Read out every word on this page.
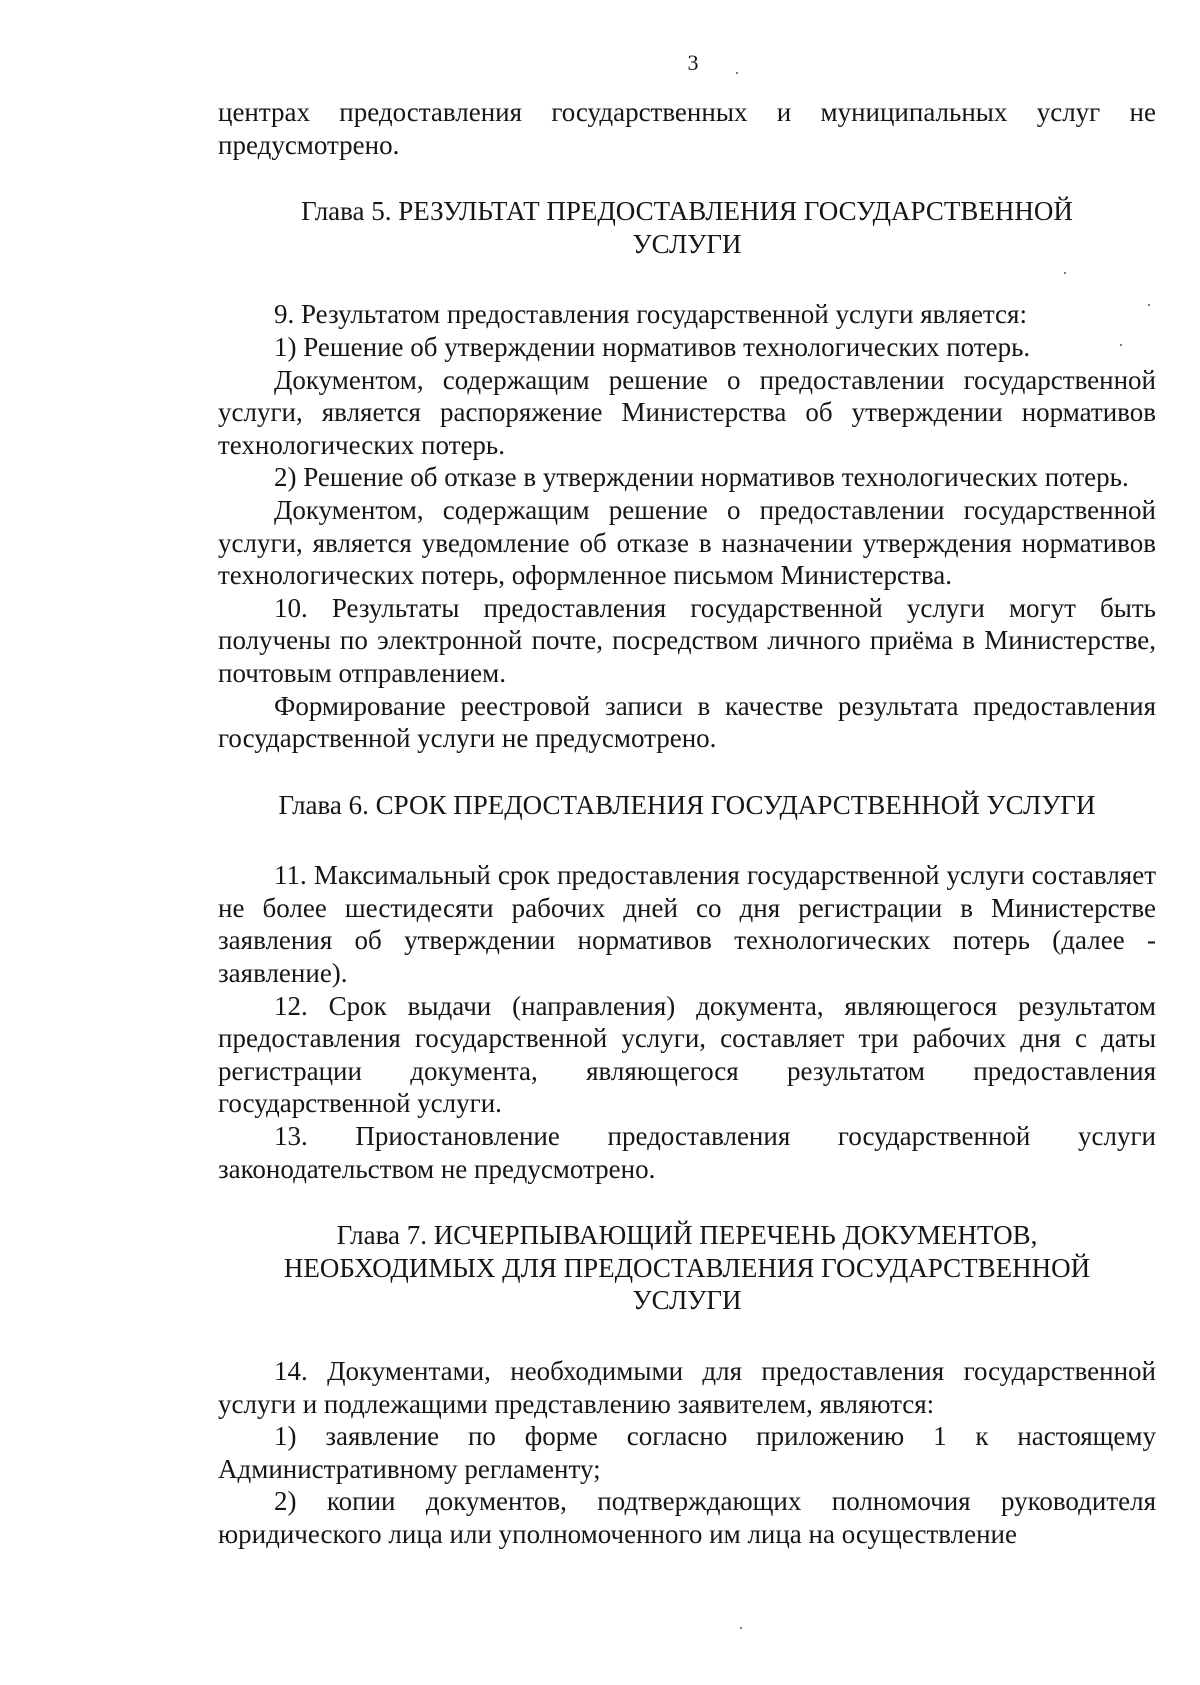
3

центрах предоставления государственных и муниципальных услуг не предусмотрено.

Глава 5. РЕЗУЛЬТАТ ПРЕДОСТАВЛЕНИЯ ГОСУДАРСТВЕННОЙ УСЛУГИ

9. Результатом предоставления государственной услуги является:

1) Решение об утверждении нормативов технологических потерь.

Документом, содержащим решение о предоставлении государственной услуги, является распоряжение Министерства об утверждении нормативов технологических потерь.

2) Решение об отказе в утверждении нормативов технологических потерь.

Документом, содержащим решение о предоставлении государственной услуги, является уведомление об отказе в назначении утверждения нормативов технологических потерь, оформленное письмом Министерства.

10. Результаты предоставления государственной услуги могут быть получены по электронной почте, посредством личного приёма в Министерстве, почтовым отправлением.

Формирование реестровой записи в качестве результата предоставления государственной услуги не предусмотрено.

Глава 6. СРОК ПРЕДОСТАВЛЕНИЯ ГОСУДАРСТВЕННОЙ УСЛУГИ

11. Максимальный срок предоставления государственной услуги составляет не более шестидесяти рабочих дней со дня регистрации в Министерстве заявления об утверждении нормативов технологических потерь (далее - заявление).

12. Срок выдачи (направления) документа, являющегося результатом предоставления государственной услуги, составляет три рабочих дня с даты регистрации документа, являющегося результатом предоставления государственной услуги.

13. Приостановление предоставления государственной услуги законодательством не предусмотрено.

Глава 7. ИСЧЕРПЫВАЮЩИЙ ПЕРЕЧЕНЬ ДОКУМЕНТОВ, НЕОБХОДИМЫХ ДЛЯ ПРЕДОСТАВЛЕНИЯ ГОСУДАРСТВЕННОЙ УСЛУГИ

14. Документами, необходимыми для предоставления государственной услуги и подлежащими представлению заявителем, являются:

1) заявление по форме согласно приложению 1 к настоящему Административному регламенту;

2) копии документов, подтверждающих полномочия руководителя юридического лица или уполномоченного им лица на осуществление
